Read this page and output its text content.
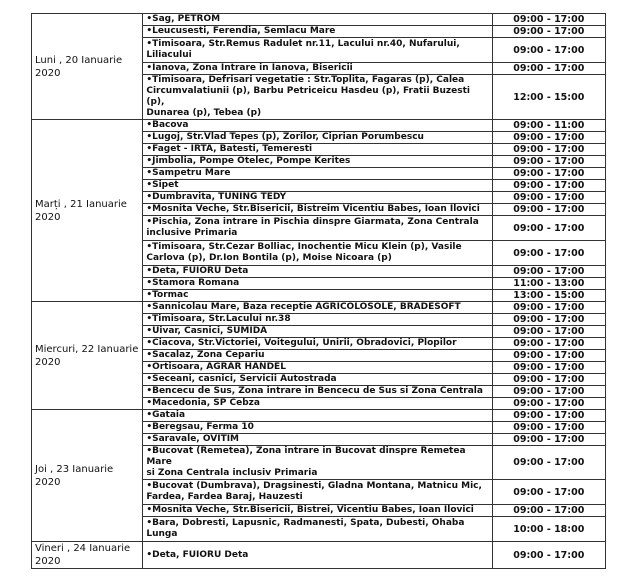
Luni , 20 Ianuarie 2020	•Sag, PETROM	09:00 - 17:00
	•Leucusesti, Ferendia, Semlacu Mare	09:00 - 17:00
	•Timisoara, Str.Remus Radulet nr.11, Lacului nr.40, Nufarului,
Liliacului	09:00 - 17:00
	•Ianova, Zona Intrare in Ianova, Bisericii	09:00 - 17:00
	•Timisoara, Defrisari vegetatie : Str.Toplita, Fagaras (p), Calea
Circumvalatiunii (p), Barbu Petriceicu Hasdeu (p), Fratii Buzesti (p),
Dunarea (p), Tebea (p)	12:00 - 15:00
Marți , 21 Ianuarie 2020	•Bacova	09:00 - 11:00
	•Lugoj, Str.Vlad Tepes (p), Zorilor, Ciprian Porumbescu	09:00 - 17:00
	•Faget - IRTA, Batesti, Temeresti	09:00 - 17:00
	•Jimbolia, Pompe Otelec, Pompe Kerites	09:00 - 17:00
	•Sampetru Mare	09:00 - 17:00
	•Sipet	09:00 - 17:00
	•Dumbravita, TUNING TEDY	09:00 - 17:00
	•Mosnita Veche, Str.Bisericii, Bistreim Vicentiu Babes, Ioan Ilovici	09:00 - 17:00
	•Pischia, Zona intrare in Pischia dinspre Giarmata, Zona Centrala
inclusive Primaria	09:00 - 17:00
	•Timisoara, Str.Cezar Bolliac, Inochentie Micu Klein (p), Vasile
Carlova (p), Dr.Ion Bontila (p), Moise Nicoara (p)	09:00 - 17:00
	•Deta, FUIORU Deta	09:00 - 17:00
	•Stamora Romana	11:00 - 13:00
	•Tormac	13:00 - 15:00
Miercuri, 22 Ianuarie 2020	•Sannicolau Mare, Baza receptie AGRICOLOSOLE, BRADESOFT	09:00 - 17:00
	•Timisoara, Str.Lacului nr.38	09:00 - 17:00
	•Uivar, Casnici, SUMIDA	09:00 - 17:00
	•Ciacova, Str.Victoriei, Voitegului, Unirii, Obradovici, Plopilor	09:00 - 17:00
	•Sacalaz, Zona Cepariu	09:00 - 17:00
	•Ortisoara, AGRAR HANDEL	09:00 - 17:00
	•Seceani, casnici, Servicii Autostrada	09:00 - 17:00
	•Bencecu de Sus, Zona intrare in Bencecu de Sus si Zona Centrala	09:00 - 17:00
	•Macedonia, SP Cebza	09:00 - 17:00
Joi , 23 Ianuarie 2020	•Gataia	09:00 - 17:00
	•Beregsau, Ferma 10	09:00 - 17:00
	•Saravale, OVITIM	09:00 - 17:00
	•Bucovat (Remetea), Zona intrare in Bucovat dinspre Remetea Mare
si Zona Centrala inclusiv Primaria	09:00 - 17:00
	•Bucovat (Dumbrava), Dragsinesti, Gladna Montana, Matnicu Mic,
Fardea, Fardea Baraj, Hauzesti	09:00 - 17:00
	•Mosnita Veche, Str.Bisericii, Bistrei, Vicentiu Babes, Ioan Ilovici	09:00 - 17:00
	•Bara, Dobresti, Lapusnic, Radmanesti, Spata, Dubesti, Ohaba
Lunga	10:00 - 18:00
Vineri , 24 Ianuarie 2020	•Deta, FUIORU Deta	09:00 - 17:00
